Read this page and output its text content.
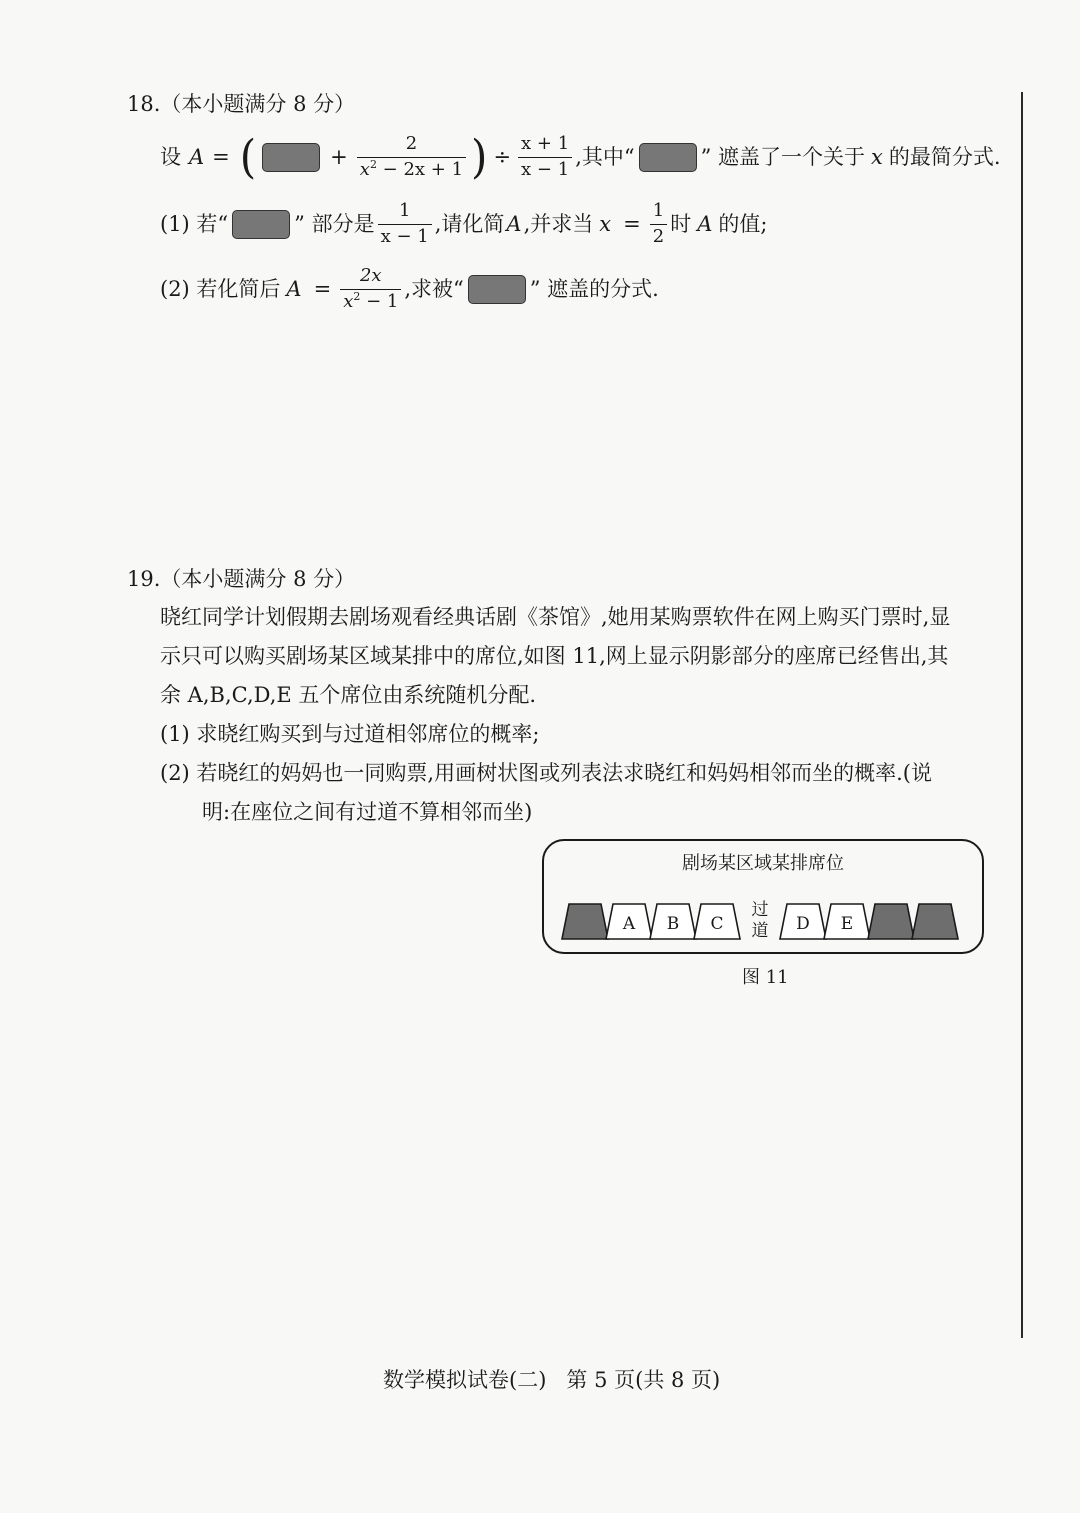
18.（本小题满分 8 分）
设 A = (	+ $\frac{2}{x^2 - 2x + 1}$ ) ÷ $\frac{x + 1}{x - 1}$ ,其中“	” 遮盖了一个关于 x 的最简分式.
(1) 若“	” 部分是 $\frac{1}{x - 1}$ ,请化简 A ,并求当 $x = \frac{1}{2}$ 时 A 的值;
(2) 若化简后 $A = \frac{2x}{x^2 - 1}$ ,求被“	” 遮盖的分式.
19.（本小题满分 8 分）
晓红同学计划假期去剧场观看经典话剧《茶馆》,她用某购票软件在网上购买门票时,显
示只可以购买剧场某区域某排中的席位,如图 11,网上显示阴影部分的座席已经售出,其
余 A,B,C,D,E 五个席位由系统随机分配.
(1) 求晓红购买到与过道相邻席位的概率;
(2) 若晓红的妈妈也一同购票,用画树状图或列表法求晓红和妈妈相邻而坐的概率.(说
明:在座位之间有过道不算相邻而坐)
剧场某区域某排席位
A B C	D E
过
道
图 11
数学模拟试卷(二)   第 5 页(共 8 页)
